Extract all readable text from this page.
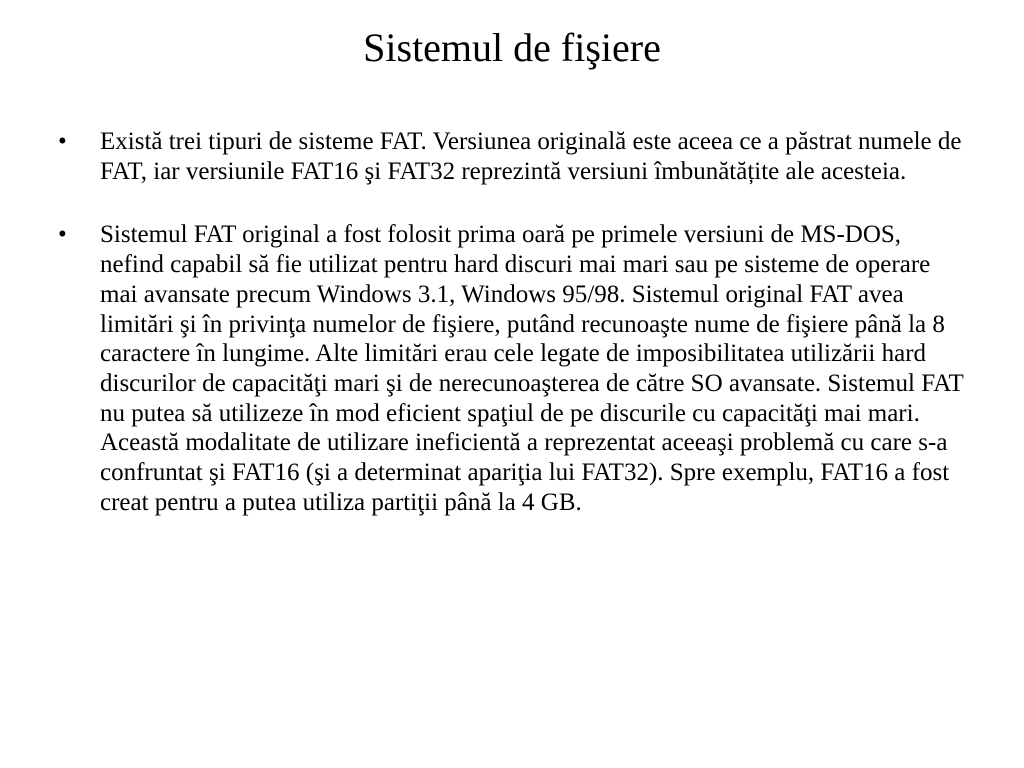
Sistemul de fişiere
•	Există trei tipuri de sisteme FAT. Versiunea originală este aceea ce a păstrat numele de FAT, iar versiunile FAT16 şi FAT32 reprezintă versiuni îmbunătățite ale acesteia.
•	Sistemul FAT original a fost folosit prima oară pe primele versiuni de MS-DOS, nefind capabil să fie utilizat pentru hard discuri mai mari sau pe sisteme de operare mai avansate precum Windows 3.1, Windows 95/98. Sistemul original FAT avea limitări şi în privinţa numelor de fişiere, putând recunoaşte nume de fişiere până la 8 caractere în lungime. Alte limitări erau cele legate de imposibilitatea utilizării hard discurilor de capacităţi mari şi de nerecunoaşterea de către SO avansate. Sistemul FAT nu putea să utilizeze în mod eficient spaţiul de pe discurile cu capacităţi mai mari. Această modalitate de utilizare ineficientă a reprezentat aceeaşi problemă cu care s-a confruntat şi FAT16 (şi a determinat apariţia lui FAT32). Spre exemplu, FAT16 a fost creat pentru a putea utiliza partiţii până la 4 GB.
